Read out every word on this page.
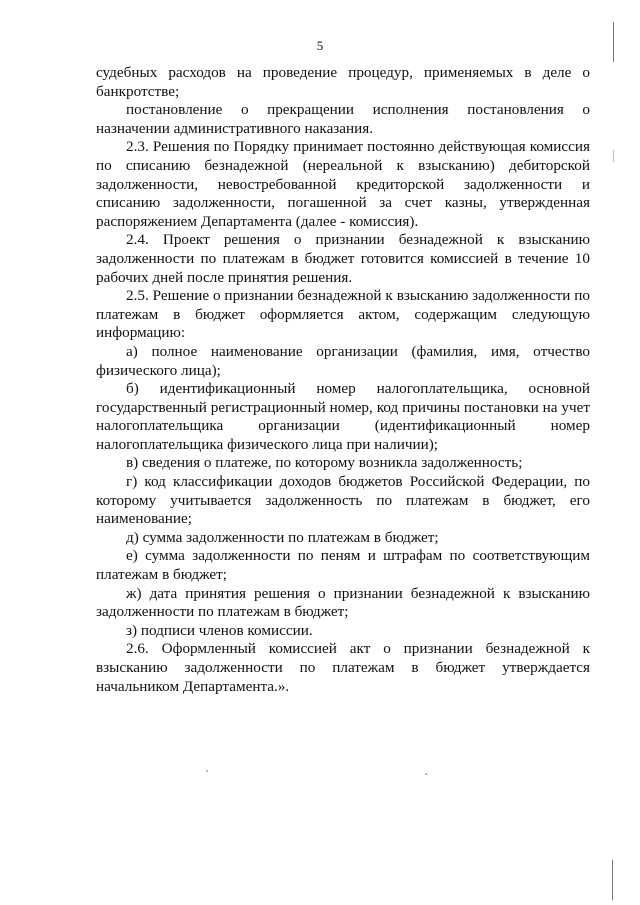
5

судебных расходов на проведение процедур, применяемых в деле о банкротстве;

постановление о прекращении исполнения постановления о назначении административного наказания.

2.3. Решения по Порядку принимает постоянно действующая комиссия по списанию безнадежной (нереальной к взысканию) дебиторской задолженности, невостребованной кредиторской задолженности и списанию задолженности, погашенной за счет казны, утвержденная распоряжением Департамента (далее - комиссия).

2.4. Проект решения о признании безнадежной к взысканию задолженности по платежам в бюджет готовится комиссией в течение 10 рабочих дней после принятия решения.

2.5. Решение о признании безнадежной к взысканию задолженности по платежам в бюджет оформляется актом, содержащим следующую информацию:

а) полное наименование организации (фамилия, имя, отчество физического лица);

б) идентификационный номер налогоплательщика, основной государственный регистрационный номер, код причины постановки на учет налогоплательщика организации (идентификационный номер налогоплательщика физического лица при наличии);

в) сведения о платеже, по которому возникла задолженность;

г) код классификации доходов бюджетов Российской Федерации, по которому учитывается задолженность по платежам в бюджет, его наименование;

д) сумма задолженности по платежам в бюджет;

е) сумма задолженности по пеням и штрафам по соответствующим платежам в бюджет;

ж) дата принятия решения о признании безнадежной к взысканию задолженности по платежам в бюджет;

з) подписи членов комиссии.

2.6. Оформленный комиссией акт о признании безнадежной к взысканию задолженности по платежам в бюджет утверждается начальником Департамента.».
